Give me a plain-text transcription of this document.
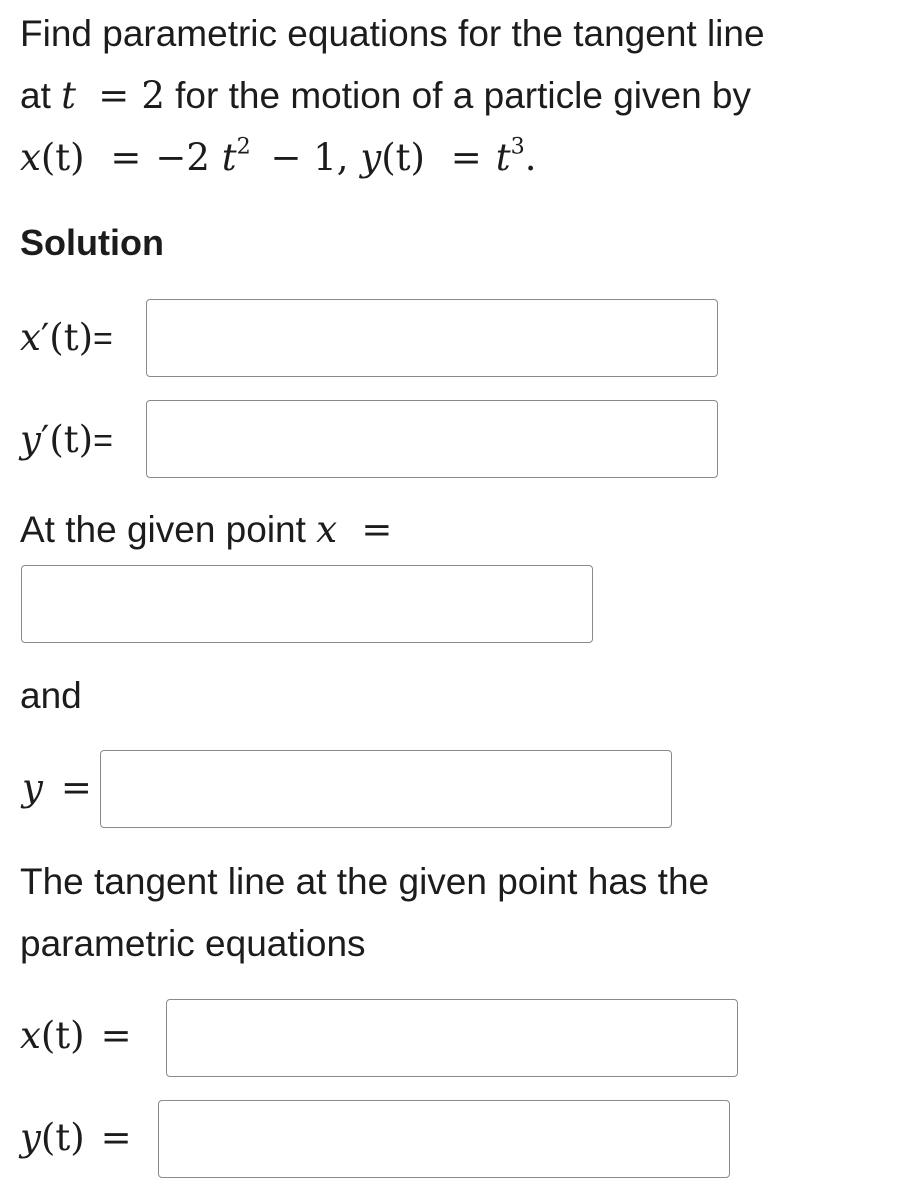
Find parametric equations for the tangent line
at t = 2 for the motion of a particle given by
x(t) = −2 $t^2 - 1$, $y(t) = t^3$.
Solution
x′(t)=
y′(t)=
At the given point x =
and
y =
The tangent line at the given point has the
parametric equations
x(t) =
y(t) =
